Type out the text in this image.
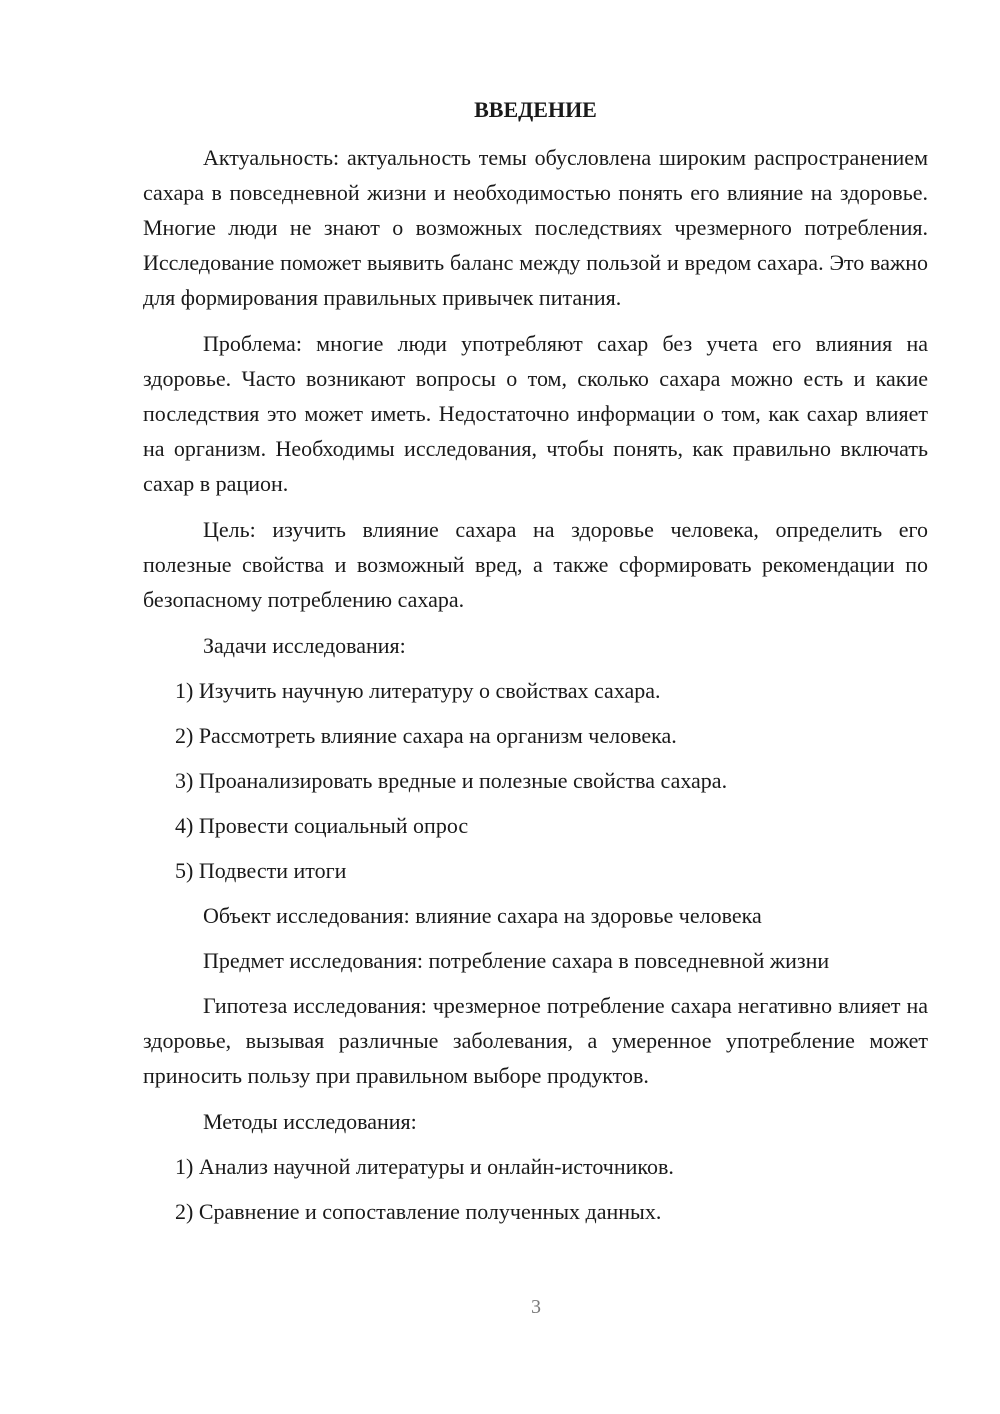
ВВЕДЕНИЕ

Актуальность: актуальность темы обусловлена широким распространением сахара в повседневной жизни и необходимостью понять его влияние на здоровье. Многие люди не знают о возможных последствиях чрезмерного потребления. Исследование поможет выявить баланс между пользой и вредом сахара. Это важно для формирования правильных привычек питания.

Проблема: многие люди употребляют сахар без учета его влияния на здоровье. Часто возникают вопросы о том, сколько сахара можно есть и какие последствия это может иметь. Недостаточно информации о том, как сахар влияет на организм. Необходимы исследования, чтобы понять, как правильно включать сахар в рацион.

Цель: изучить влияние сахара на здоровье человека, определить его полезные свойства и возможный вред, а также сформировать рекомендации по безопасному потреблению сахара.

Задачи исследования:
1) Изучить научную литературу о свойствах сахара.
2) Рассмотреть влияние сахара на организм человека.
3) Проанализировать вредные и полезные свойства сахара.
4) Провести социальный опрос
5) Подвести итоги
Объект исследования: влияние сахара на здоровье человека
Предмет исследования: потребление сахара в повседневной жизни

Гипотеза исследования: чрезмерное потребление сахара негативно влияет на здоровье, вызывая различные заболевания, а умеренное употребление может приносить пользу при правильном выборе продуктов.

Методы исследования:
1) Анализ научной литературы и онлайн-источников.
2) Сравнение и сопоставление полученных данных.
3
